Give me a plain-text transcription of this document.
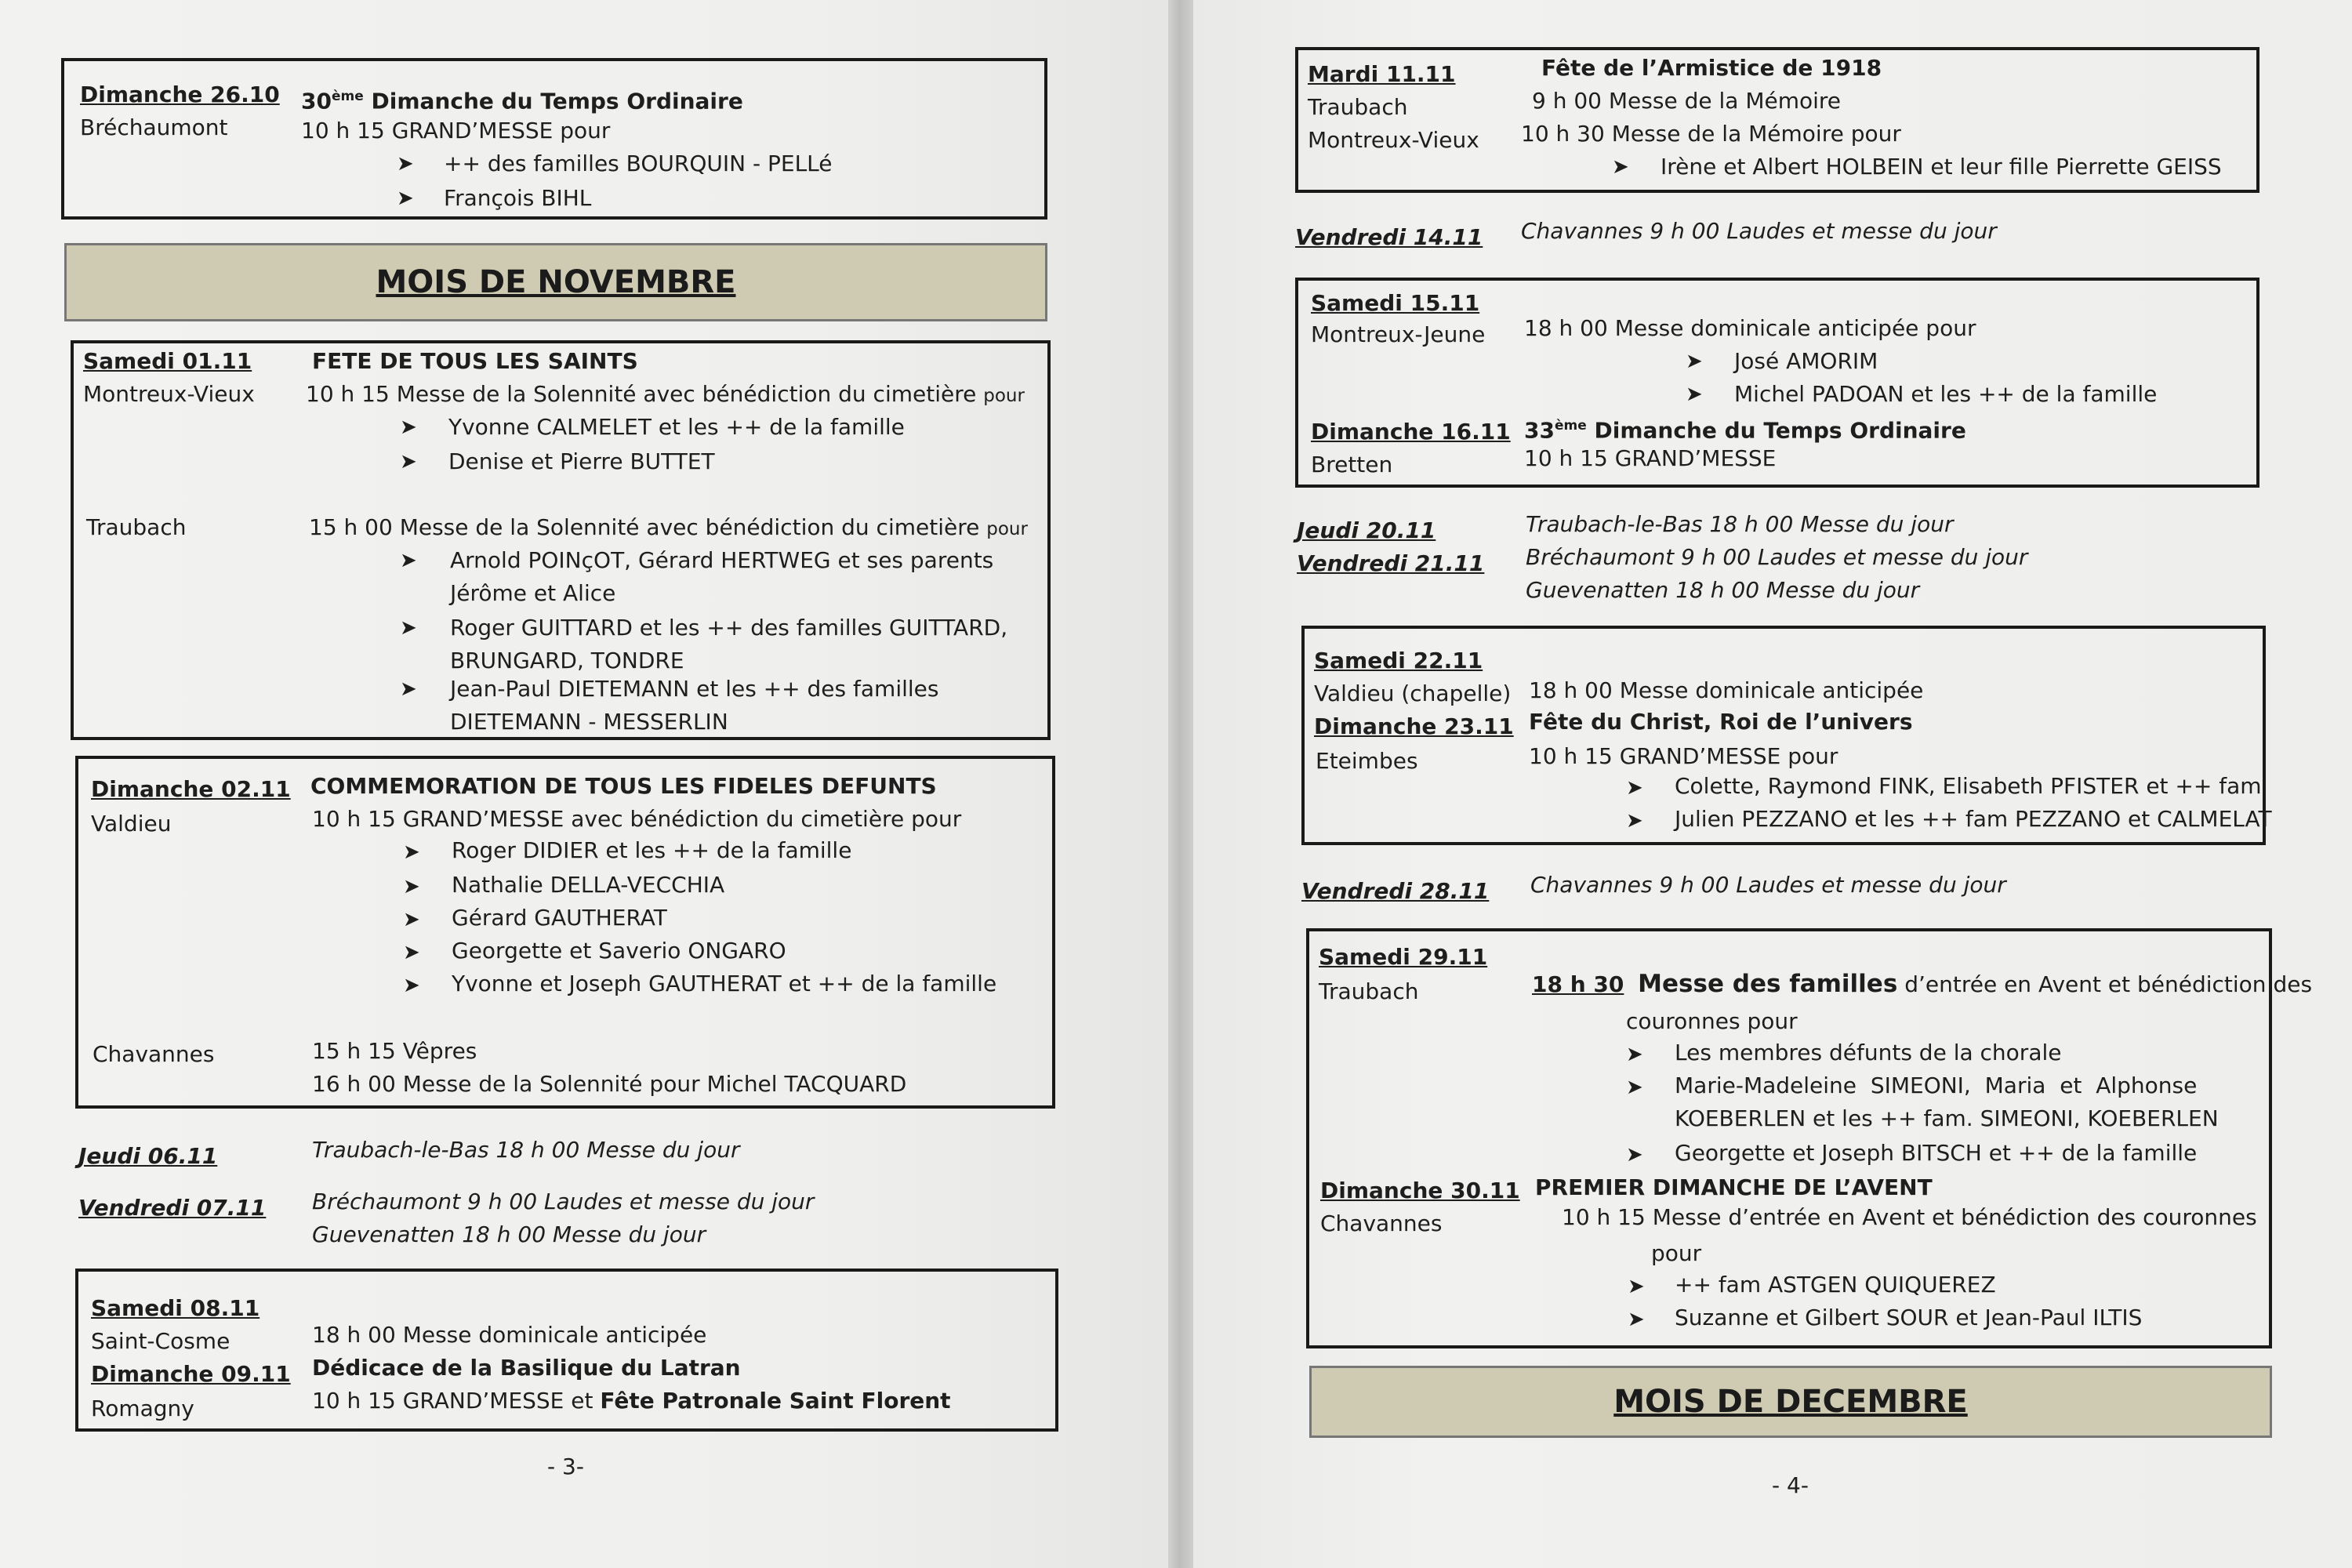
Dimanche 26.10 30ème Dimanche du Temps Ordinaire
Bréchaumont	10 h 15 GRAND’MESSE pour
➤ ++ des familles BOURQUIN - PELLé
➤ François BIHL
MOIS DE NOVEMBRE
Samedi 01.11	FETE DE TOUS LES SAINTS
Montreux-Vieux 10 h 15 Messe de la Solennité avec bénédiction du cimetière pour
➤ Yvonne CALMELET et les ++ de la famille
➤ Denise et Pierre BUTTET
Traubach	15 h 00 Messe de la Solennité avec bénédiction du cimetière pour
➤ Arnold POINçOT, Gérard HERTWEG et ses parents
Jérôme et Alice
➤ Roger GUITTARD et les ++ des familles GUITTARD,
BRUNGARD, TONDRE
➤ Jean-Paul DIETEMANN et les ++ des familles
DIETEMANN - MESSERLIN
Dimanche 02.11 COMMEMORATION DE TOUS LES FIDELES DEFUNTS
Valdieu	10 h 15 GRAND’MESSE avec bénédiction du cimetière pour
➤ Roger DIDIER et les ++ de la famille
➤ Nathalie DELLA-VECCHIA
➤ Gérard GAUTHERAT
➤ Georgette et Saverio ONGARO
➤ Yvonne et Joseph GAUTHERAT et ++ de la famille
Chavannes	15 h 15 Vêpres
16 h 00 Messe de la Solennité pour Michel TACQUARD
Jeudi 06.11	Traubach-le-Bas 18 h 00 Messe du jour
Vendredi 07.11 Bréchaumont 9 h 00 Laudes et messe du jour
Guevenatten 18 h 00 Messe du jour
Samedi 08.11
Saint-Cosme	18 h 00 Messe dominicale anticipée
Dimanche 09.11 Dédicace de la Basilique du Latran
Romagny	10 h 15 GRAND’MESSE et Fête Patronale Saint Florent
- 3-
Mardi 11.11	Fête de l’Armistice de 1918
Traubach	9 h 00 Messe de la Mémoire
Montreux-Vieux 10 h 30 Messe de la Mémoire pour
➤ Irène et Albert HOLBEIN et leur fille Pierrette GEISS
Vendredi 14.11 Chavannes 9 h 00 Laudes et messe du jour
Samedi 15.11
Montreux-Jeune 18 h 00 Messe dominicale anticipée pour
➤ José AMORIM
➤ Michel PADOAN et les ++ de la famille
Dimanche 16.11 33ème Dimanche du Temps Ordinaire
Bretten	10 h 15 GRAND’MESSE
Jeudi 20.11	Traubach-le-Bas 18 h 00 Messe du jour
Vendredi 21.11 Bréchaumont 9 h 00 Laudes et messe du jour
Guevenatten 18 h 00 Messe du jour
Samedi 22.11
Valdieu (chapelle) 18 h 00 Messe dominicale anticipée
Dimanche 23.11 Fête du Christ, Roi de l’univers
Eteimbes	10 h 15 GRAND’MESSE pour
➤ Colette, Raymond FINK, Elisabeth PFISTER et ++ fam
➤ Julien PEZZANO et les ++ fam PEZZANO et CALMELAT
Vendredi 28.11 Chavannes 9 h 00 Laudes et messe du jour
Samedi 29.11
Traubach	18 h 30 Messe des familles d’entrée en Avent et bénédiction des
couronnes pour
➤ Les membres défunts de la chorale
➤ Marie-Madeleine  SIMEONI,  Maria  et  Alphonse
KOEBERLEN et les ++ fam. SIMEONI, KOEBERLEN
➤ Georgette et Joseph BITSCH et ++ de la famille
Dimanche 30.11 PREMIER DIMANCHE DE L’AVENT
Chavannes	10 h 15 Messe d’entrée en Avent et bénédiction des couronnes
pour
➤ ++ fam ASTGEN QUIQUEREZ
➤ Suzanne et Gilbert SOUR et Jean-Paul ILTIS
MOIS DE DECEMBRE
- 4-
